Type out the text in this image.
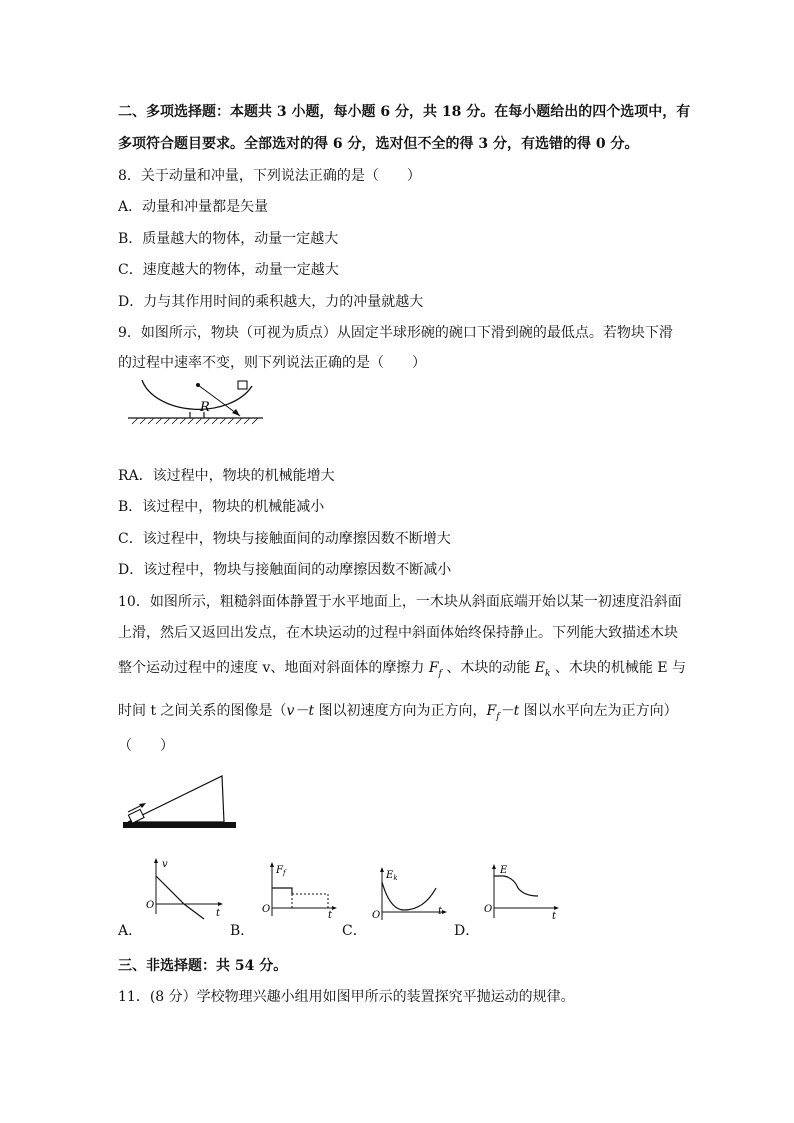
二、多项选择题：本题共 3 小题，每小题 6 分，共 18 分。在每小题给出的四个选项中，有
多项符合题目要求。全部选对的得 6 分，选对但不全的得 3 分，有选错的得 0 分。
8．关于动量和冲量，下列说法正确的是（　　）
A．动量和冲量都是矢量
B．质量越大的物体，动量一定越大
C．速度越大的物体，动量一定越大
D．力与其作用时间的乘积越大，力的冲量就越大
9．如图所示，物块（可视为质点）从固定半球形碗的碗口下滑到碗的最低点。若物块下滑
的过程中速率不变，则下列说法正确的是（　　）
R
RA．该过程中，物块的机械能增大
B．该过程中，物块的机械能减小
C．该过程中，物块与接触面间的动摩擦因数不断增大
D．该过程中，物块与接触面间的动摩擦因数不断减小
10．如图所示，粗糙斜面体静置于水平地面上，一木块从斜面底端开始以某一初速度沿斜面
上滑，然后又返回出发点，在木块运动的过程中斜面体始终保持静止。下列能大致描述木块
整个运动过程中的速度 v、地面对斜面体的摩擦力 $F_f$ 、木块的动能 $E_k$ 、木块的机械能 E 与
时间 t 之间关系的图像是（v－t 图以初速度方向为正方向，$F_f-t$ 图以水平向左为正方向）
（　　）
v
O
t
$F_f$
O
t
$E_k$
O	t
E
O
t
A．	B．	C．	D．
三、非选择题：共 54 分。
11．(8 分）学校物理兴趣小组用如图甲所示的装置探究平抛运动的规律。
